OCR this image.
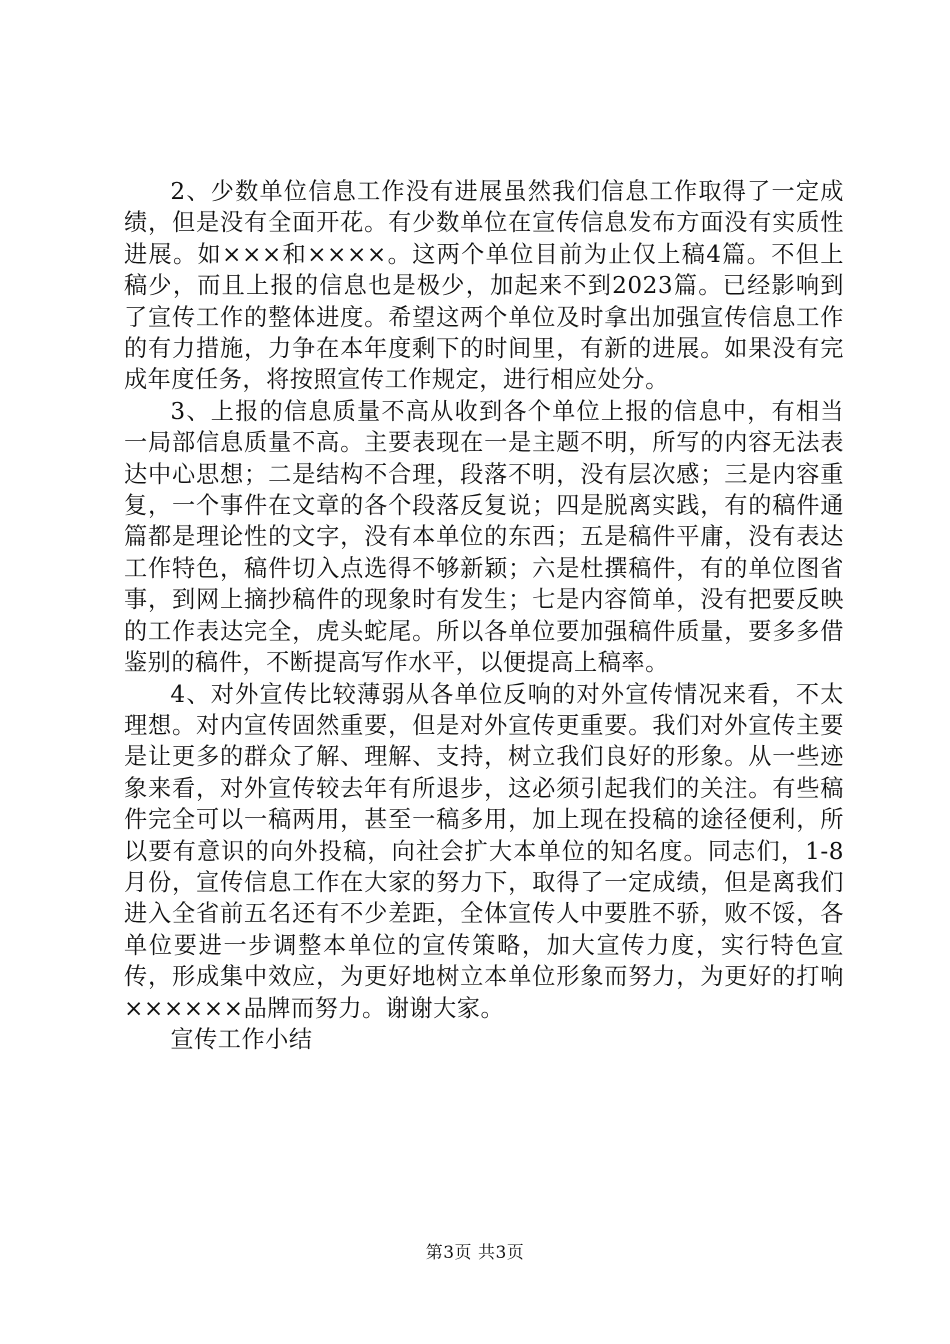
2、少数单位信息工作没有进展虽然我们信息工作取得了一定成绩，但是没有全面开花。有少数单位在宣传信息发布方面没有实质性进展。如×××和××××。这两个单位目前为止仅上稿4篇。不但上稿少，而且上报的信息也是极少，加起来不到2023篇。已经影响到了宣传工作的整体进度。希望这两个单位及时拿出加强宣传信息工作的有力措施，力争在本年度剩下的时间里，有新的进展。如果没有完成年度任务，将按照宣传工作规定，进行相应处分。

3、上报的信息质量不高从收到各个单位上报的信息中，有相当一局部信息质量不高。主要表现在一是主题不明，所写的内容无法表达中心思想；二是结构不合理，段落不明，没有层次感；三是内容重复，一个事件在文章的各个段落反复说；四是脱离实践，有的稿件通篇都是理论性的文字，没有本单位的东西；五是稿件平庸，没有表达工作特色，稿件切入点选得不够新颖；六是杜撰稿件，有的单位图省事，到网上摘抄稿件的现象时有发生；七是内容简单，没有把要反映的工作表达完全，虎头蛇尾。所以各单位要加强稿件质量，要多多借鉴别的稿件，不断提高写作水平，以便提高上稿率。

4、对外宣传比较薄弱从各单位反响的对外宣传情况来看，不太理想。对内宣传固然重要，但是对外宣传更重要。我们对外宣传主要是让更多的群众了解、理解、支持，树立我们良好的形象。从一些迹象来看，对外宣传较去年有所退步，这必须引起我们的关注。有些稿件完全可以一稿两用，甚至一稿多用，加上现在投稿的途径便利，所以要有意识的向外投稿，向社会扩大本单位的知名度。同志们，1-8月份，宣传信息工作在大家的努力下，取得了一定成绩，但是离我们进入全省前五名还有不少差距，全体宣传人中要胜不骄，败不馁，各单位要进一步调整本单位的宣传策略，加大宣传力度，实行特色宣传，形成集中效应，为更好地树立本单位形象而努力，为更好的打响××××××品牌而努力。谢谢大家。

宣传工作小结

第3页 共3页
